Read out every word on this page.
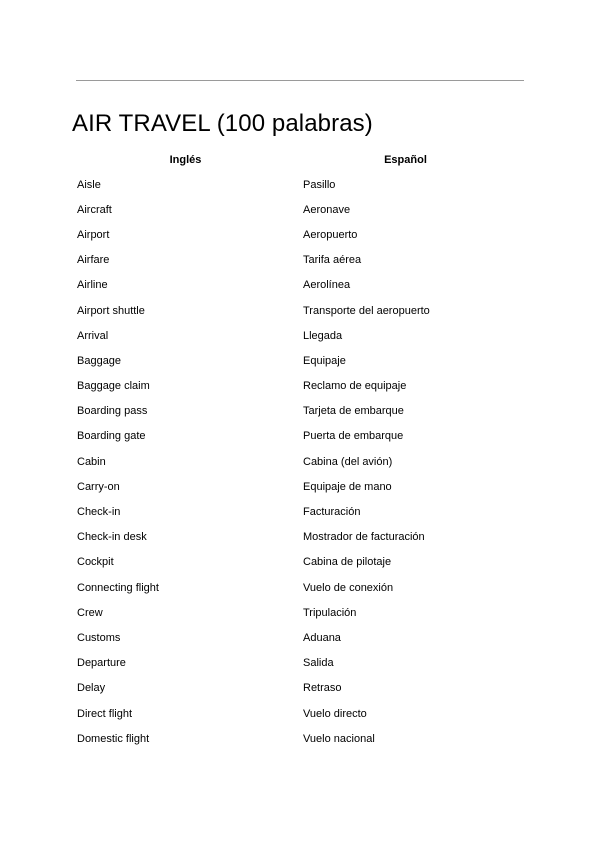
AIR TRAVEL (100 palabras)
Inglés	Español
Aisle	Pasillo
Aircraft	Aeronave
Airport	Aeropuerto
Airfare	Tarifa aérea
Airline	Aerolínea
Airport shuttle	Transporte del aeropuerto
Arrival	Llegada
Baggage	Equipaje
Baggage claim	Reclamo de equipaje
Boarding pass	Tarjeta de embarque
Boarding gate	Puerta de embarque
Cabin	Cabina (del avión)
Carry-on	Equipaje de mano
Check-in	Facturación
Check-in desk	Mostrador de facturación
Cockpit	Cabina de pilotaje
Connecting flight	Vuelo de conexión
Crew	Tripulación
Customs	Aduana
Departure	Salida
Delay	Retraso
Direct flight	Vuelo directo
Domestic flight	Vuelo nacional
